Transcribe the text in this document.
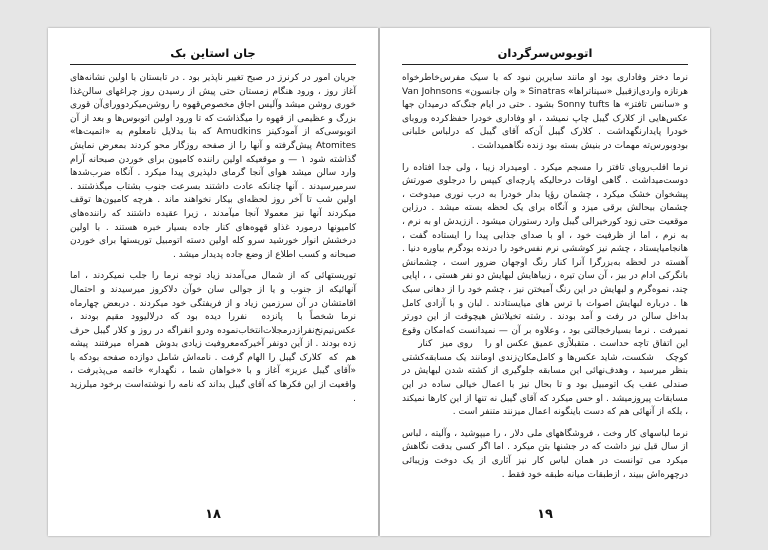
جان استاین بک

جریان امور در کرنرز در صبح تغییر ناپذیر بود . در تابستان با اولین نشانه‌های آغاز روز ، ورود هنگام زمستان حتی پیش از رسیدن روز چراغهای سالن‌غذا خوری روشن میشد وآلیس اجاق مخصوص‌قهوه را روشن‌میکردوورای‌آن قوری بزرگ و عظیمی از قهوه را میگذاشت که تا ورود‌ اولین اتوبوس‌ها و‌ بعد‌ از آن اتوبوسی‌که از آمودکینز Amudkins که بنا بدلایل نامعلوم به «اتمیت‌ها» Atomites پیش‌گرفته و آنها را از صفحه روزگار محو کردند بمعرض نمایش گذاشته شود ١ — و موقعیکه اولین راننده کامیون برای خوردن صبحانه آرام وارد سالن میشد هوای آنجا گرمای دلپذیری پیدا میکرد . آنگاه ضرب‌شدها سرمیرسیدند . آنها چنانکه عادت داشتند بسرعت جنوب بشتاب میگذشتند . اولین شب تا آخر روز لحظه‌ای بیکار نخواهند ماند . هرچه کامیون‌ها توقف میکردند آنها نیز معمولا آنجا میآمدند ، زیرا عقیده داشتند که راننده‌های کامیونها درمورد غذاو قهوه‌های کنار جاده بسیار خبره هستند . با اولین درخشش انوار خورشید سرو کله اولین دسته اتومبیل توریستها برای خوردن صبحانه و کسب اطلاع از وضع جاده پدیدار میشد .

توریستهائی که از شمال می‌آمدند زیاد توجه نرما را جلب نمیکردند ، اما آنهائیکه از جنوب و یا از جوالی سان خوآن دلاکروز میرسیدند و احتمال اقامتشان در آن سرزمین زیاد و از فریفتگی خود میکردند . دربعض‌ چهارماه نرما شخصاً با ‌ پانزده ‌ نفر‌را دیده بود که درلالیوود مقیم بودند ، عکس‌نیم‌نخ‌نفرازدرمجلات‌انتخاب‌نموده ودرو انفراگه در روز و کلار گیبل حرف زده بودند . از آین دونفر آخیرکه‌معروفیت‌ زیادی‌ بدوش ‌ همراه ‌ میرفتند ‌ پیشه‌ هم ‌ که ‌ کلارک گیبل را الهام گرفت . نامه‌اش شامل دوازده صفحه بودکه با «آقای گیبل عزیز» آغاز و با «خواهان شما ، نگهدار» خاتمه می‌پذیرفت ، واقعیت از این فکرها که آقای گیبل بداند که نامه را نوشته‌است برخود میلرزید .

١٨
اتوبوس‌سرگردان

نرما دختر وفاداری بود او مانند سایرین نبود که با سیک مفرس‌خاطرخواه هرتازه واردی‌ازقبیل «سیناتراها» Sinatras « وان جانسون» Van Johnsons و «سانس تافتز» ها Sonny tufts بشود . حتی در ایام جنگ‌که درمیدان جها عکس‌هایی از کلارک گیبل چاپ نمیشد ، او وفاداری خودرا حفظ‌کرده وروبای خودرا پایدارنگهداشت . کلارک گیبل آن‌که آقای گیبل که درلباس خلبانی بودوبورس‌ته مهمات در بنیش بسته بود زنده نگاهمیداشت .

نرما افلب‌رویای تافتز را مسجم میکرد . اومیدراد زیبا ، ولی جدا افتاده را دوست‌میداشت . گاهی اوقات درحالیکه پارچه‌ای کیپس را درجلوی صورتش پیشخوان خشک میکرد ، چشمان رؤیا بدار خودرا به درب نوری میدوخت ، چشمان بیحالش برقی میزد و آنگاه برای یک لحظه بسته میشد . درزاین موقعیت حتی زود کورخیرالی گیبل وارد رستوران‌ میشود . اززیدش او به نرم ، به نرم ، اما از ظرفیت خود ، او با صدای جذابی پیدا را ایستاده گفت ، ها‌نجا‌میایستاد ، چشم نیز کوششی نرم نفس‌خود را درنده بودگرم بیاوره دنیا . آهسته در لحظه به‌بزرگرا آنرا کنار رنگ‌ اوجهان ضرور است ، چشمانش بانگرکی ادام در بیز ، آن سان تیره ، زبیاهایش لبهایش دو نفر هستی ، ، اپایی چند‌، نموه‌گرم و لبهایش در این رنگ آمیختن نیز ، چشم خود را از دهانی سبک‌ ها . درباره لبهایش اصوات با ترس های میایستادند . لبان و با آزادی کامل بداخل سالن در رفت و آمد بودند . رشته تخیلاتش هیچوقت از این دورتر نمیرفت . نرما بسیارخجالتی بود ، وعلاوه بر آن — نمیدانست که‌امکان وقوع این اتفاق تاچه حداست . متقبلاًزی‌ عمیق‌ ‌عکس‌ ‌او‌ ‌را ‌ ‌ ‌روی‌ ‌میز ‌ ‌کنار‌ ‌ ‌ ‌ ‌ ‌کوچک‌ ‌ ‌ ‌شکست، شاید عکس‌ها و کامل‌مکان‌زندی‌ اومانند یک مسابقه‌کشتی بنظر میرسید ، وهدف‌نهائی این مسابقه جلوگیری از کشته شدن لبهایش در صندلی عقب یک اتومبیل بود و تا بحال نیز با اعمال خیالی ساده در این مسابقات پیروزمیشد . او حس میکرد که آقای گیبل نه تنها از این کارها نمیکند ، بلکه از آنهائی هم که دست باینگونه اعمال میزنند متنفر است .

نرما لباسهای کار وخت ، فروشگاههای ملی دلار ، را میپوشید ، وآلیته ، لباس از سال قبل نیز داشت که در جشنها بتن میکرد . اما اگر کسی بدقت نگاهش میکرد می توانست در همان لباس کار نیز آثاری از یک دوخت وزیبائی درچهره‌اش ببیند ، ازطبقات میانه طبقه خود فقط .

١٩
